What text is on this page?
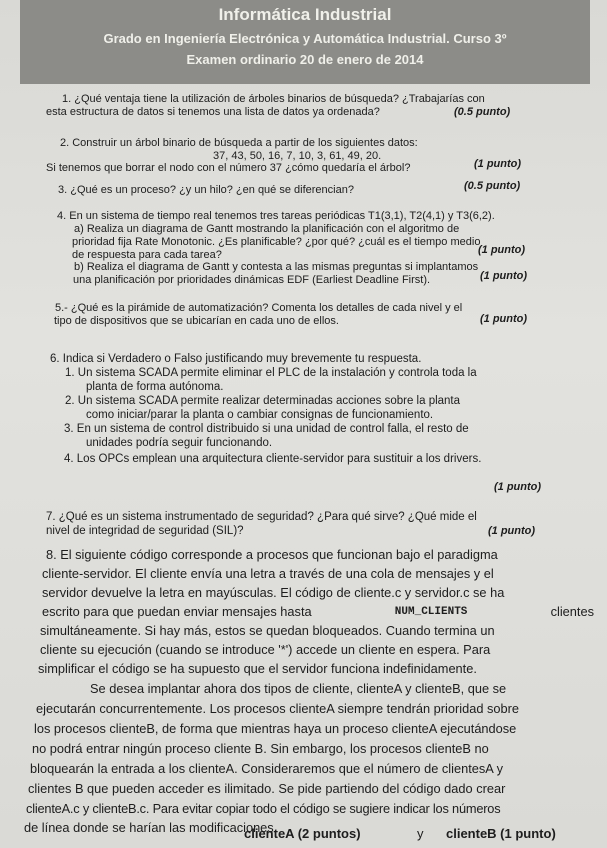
Informática Industrial
Grado en Ingeniería Electrónica y Automática Industrial. Curso 3º
Examen ordinario 20 de enero de 2014
1. ¿Qué ventaja tiene la utilización de árboles binarios de búsqueda? ¿Trabajarías con
esta estructura de datos si tenemos una lista de datos ya ordenada?	(0.5 punto)
2. Construir un árbol binario de búsqueda a partir de los siguientes datos:
37, 43, 50, 16, 7, 10, 3, 61, 49, 20.
Si tenemos que borrar el nodo con el número 37 ¿cómo quedaría el árbol?	(1 punto)
3. ¿Qué es un proceso? ¿y un hilo? ¿en qué se diferencian?	(0.5 punto)
4. En un sistema de tiempo real tenemos tres tareas periódicas T1(3,1), T2(4,1) y T3(6,2).
a) Realiza un diagrama de Gantt mostrando la planificación con el algoritmo de
prioridad fija Rate Monotonic. ¿Es planificable? ¿por qué? ¿cuál es el tiempo medio
de respuesta para cada tarea?	(1 punto)
b) Realiza el diagrama de Gantt y contesta a las mismas preguntas si implantamos
una planificación por prioridades dinámicas EDF (Earliest Deadline First).	(1 punto)
5.- ¿Qué es la pirámide de automatización? Comenta los detalles de cada nivel y el
tipo de dispositivos que se ubicarían en cada uno de ellos.	(1 punto)
6. Indica si Verdadero o Falso justificando muy brevemente tu respuesta.
1. Un sistema SCADA permite eliminar el PLC de la instalación y controla toda la
planta de forma autónoma.
2. Un sistema SCADA permite realizar determinadas acciones sobre la planta
como iniciar/parar la planta o cambiar consignas de funcionamiento.
3. En un sistema de control distribuido si una unidad de control falla, el resto de
unidades podría seguir funcionando.
4. Los OPCs emplean una arquitectura cliente-servidor para sustituir a los drivers.
(1 punto)
7. ¿Qué es un sistema instrumentado de seguridad? ¿Para qué sirve? ¿Qué mide el
nivel de integridad de seguridad (SIL)?	(1 punto)
8. El siguiente código corresponde a procesos que funcionan bajo el paradigma
cliente-servidor. El cliente envía una letra a través de una cola de mensajes y el
servidor devuelve la letra en mayúsculas. El código de cliente.c y servidor.c se ha
escrito para que puedan enviar mensajes hasta	NUM_CLIENTS	clientes
simultáneamente. Si hay más, estos se quedan bloqueados. Cuando termina un
cliente su ejecución (cuando se introduce '*') accede un cliente en espera. Para
simplificar el código se ha supuesto que el servidor funciona indefinidamente.
Se desea implantar ahora dos tipos de cliente, clienteA y clienteB, que se
ejecutarán concurrentemente. Los procesos clienteA siempre tendrán prioridad sobre
los procesos clienteB, de forma que mientras haya un proceso clienteA ejecutándose
no podrá entrar ningún proceso cliente B. Sin embargo, los procesos clienteB no
bloquearán la entrada a los clienteA. Consideraremos que el número de clientesA y
clientes B que pueden acceder es ilimitado. Se pide partiendo del código dado crear
clienteA.c y clienteB.c. Para evitar copiar todo el código se sugiere indicar los números
de línea donde se harían las modificaciones.
clienteA (2 puntos)	y clienteB (1 punto)
